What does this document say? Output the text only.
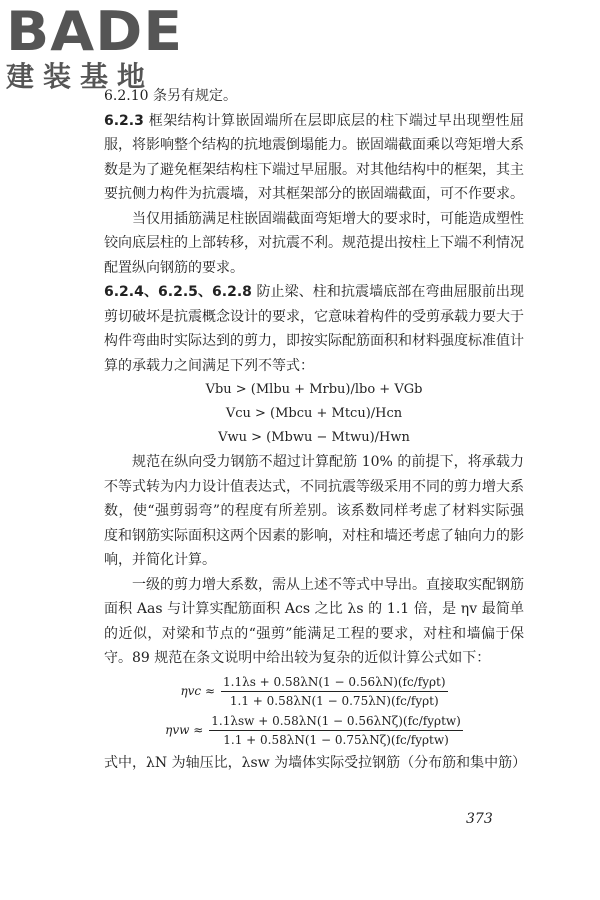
BADE
建装基地

6.2.10 条另有规定。

6.2.3 框架结构计算嵌固端所在层即底层的柱下端过早出现塑性屈服，将影响整个结构的抗地震倒塌能力。嵌固端截面乘以弯矩增大系数是为了避免框架结构柱下端过早屈服。对其他结构中的框架，其主要抗侧力构件为抗震墙，对其框架部分的嵌固端截面，可不作要求。

当仅用插筋满足柱嵌固端截面弯矩增大的要求时，可能造成塑性铰向底层柱的上部转移，对抗震不利。规范提出按柱上下端不利情况配置纵向钢筋的要求。

6.2.4、6.2.5、6.2.8 防止梁、柱和抗震墙底部在弯曲屈服前出现剪切破坏是抗震概念设计的要求，它意味着构件的受剪承载力要大于构件弯曲时实际达到的剪力，即按实际配筋面积和材料强度标准值计算的承载力之间满足下列不等式：

Vbu > (Mlbu + Mrbu)/lbo + VGb
Vcu > (Mbcu + Mtcu)/Hcn
Vwu > (Mbwu − Mtwu)/Hwn

规范在纵向受力钢筋不超过计算配筋 10% 的前提下，将承载力不等式转为内力设计值表达式，不同抗震等级采用不同的剪力增大系数，使“强剪弱弯”的程度有所差别。该系数同样考虑了材料实际强度和钢筋实际面积这两个因素的影响，对柱和墙还考虑了轴向力的影响，并简化计算。

一级的剪力增大系数，需从上述不等式中导出。直接取实配钢筋面积 Aas 与计算实配筋面积 Acs 之比 λs 的 1.1 倍，是 ηv 最简单的近似，对梁和节点的“强剪”能满足工程的要求，对柱和墙偏于保守。89 规范在条文说明中给出较为复杂的近似计算公式如下：

$\eta vc \approx \frac{\text{1.1λs + 0.58λN(1 − 0.56λN)(fc/fyρt)}}{\text{1.1 + 0.58λN(1 − 0.75λN)(fc/fyρt)}}$
$\eta vw \approx \frac{\text{1.1λsw + 0.58λN(1 − 0.56λNζ)(fc/fyρtw)}}{\text{1.1 + 0.58λN(1 − 0.75λNζ)(fc/fyρtw)}}$

式中，λN 为轴压比，λsw 为墙体实际受拉钢筋（分布筋和集中筋）

373
